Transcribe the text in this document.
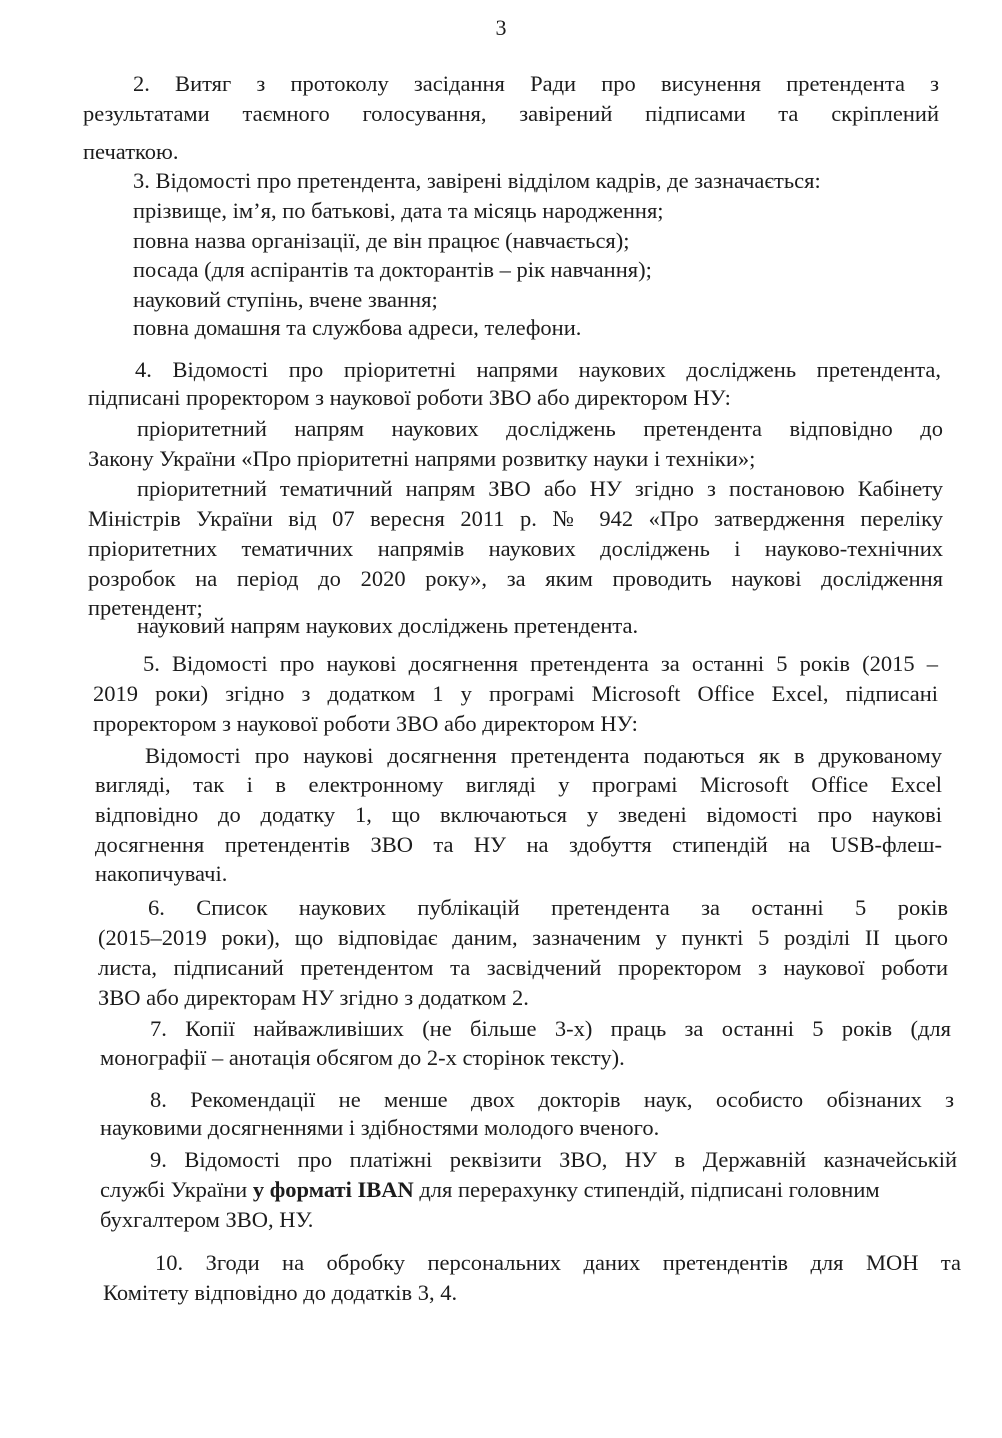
3
2. Витяг з протоколу засідання Ради про висунення претендента з
результатами таємного голосування, завірений підписами та скріплений
печаткою.
3. Відомості про претендента, завірені відділом кадрів, де зазначається:
прізвище, ім’я, по батькові, дата та місяць народження;
повна назва організації, де він працює (навчається);
посада (для аспірантів та докторантів – рік навчання);
науковий ступінь, вчене звання;
повна домашня та службова адреси, телефони.
4. Відомості про пріоритетні напрями наукових досліджень претендента,
підписані проректором з наукової роботи ЗВО або директором НУ:
пріоритетний напрям наукових досліджень претендента відповідно до
Закону України «Про пріоритетні напрями розвитку науки і техніки»;
пріоритетний тематичний напрям ЗВО або НУ згідно з постановою Кабінету
Міністрів України від 07 вересня 2011 р. № 942 «Про затвердження переліку
пріоритетних тематичних напрямів наукових досліджень і науково-технічних
розробок на період до 2020 року», за яким проводить наукові дослідження
претендент;
науковий напрям наукових досліджень претендента.
5. Відомості про наукові досягнення претендента за останні 5 років (2015 –
2019 роки) згідно з додатком 1 у програмі Microsoft Office Excel, підписані
проректором з наукової роботи ЗВО або директором НУ:
Відомості про наукові досягнення претендента подаються як в друкованому
вигляді, так і в електронному вигляді у програмі Microsoft Office Excel
відповідно до додатку 1, що включаються у зведені відомості про наукові
досягнення претендентів ЗВО та НУ на здобуття стипендій на USB-флеш-
накопичувачі.
6. Список наукових публікацій претендента за останні 5 років
(2015–2019 роки), що відповідає даним, зазначеним у пункті 5 розділі ІІ цього
листа, підписаний претендентом та засвідчений проректором з наукової роботи
ЗВО або директорам НУ згідно з додатком 2.
7. Копії найважливіших (не більше 3-х) праць за останні 5 років (для
монографії – анотація обсягом до 2-х сторінок тексту).
8. Рекомендації не менше двох докторів наук, особисто обізнаних з
науковими досягненнями і здібностями молодого вченого.
9. Відомості про платіжні реквізити ЗВО, НУ в Державній казначейській
службі України у форматі IBAN для перерахунку стипендій, підписані головним
бухгалтером ЗВО, НУ.
10. Згоди на обробку персональних даних претендентів для МОН та
Комітету відповідно до додатків 3, 4.
